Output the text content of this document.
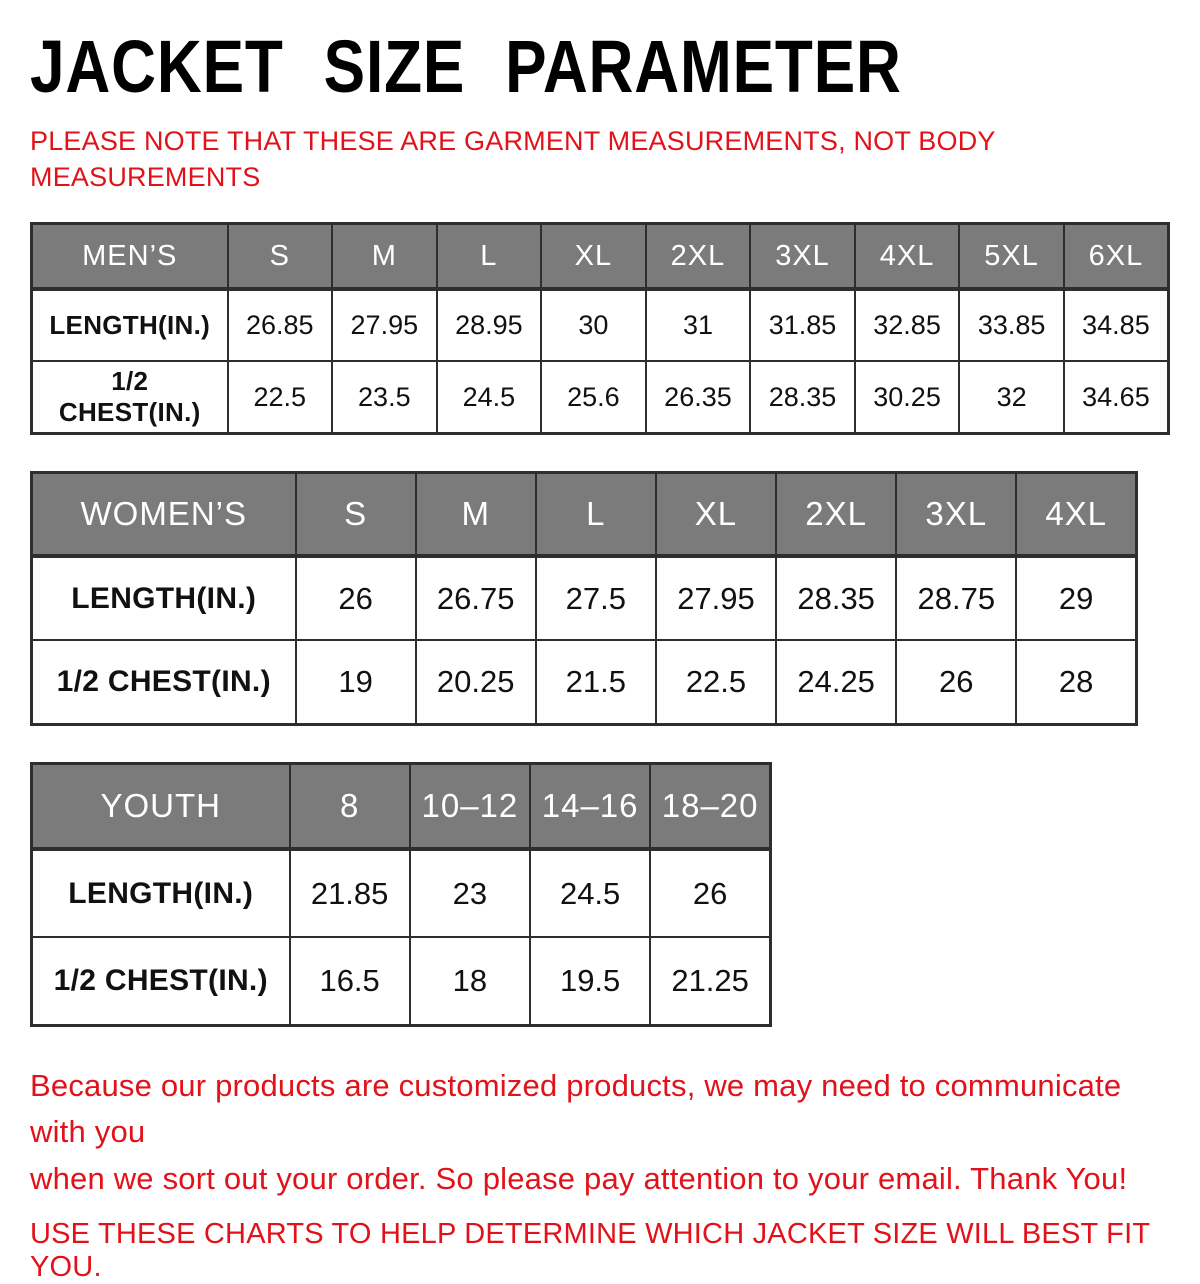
JACKET SIZE PARAMETER

PLEASE NOTE THAT THESE ARE GARMENT MEASUREMENTS, NOT BODY
MEASUREMENTS

MEN’S	S	M	L	XL	2XL	3XL	4XL	5XL	6XL
LENGTH(IN.)	26.85	27.95	28.95	30	31	31.85	32.85	33.85	34.85
1/2 CHEST(IN.)	22.5	23.5	24.5	25.6	26.35	28.35	30.25	32	34.65
WOMEN’S	S	M	L	XL	2XL	3XL	4XL
LENGTH(IN.)	26	26.75	27.5	27.95	28.35	28.75	29
1/2 CHEST(IN.)	19	20.25	21.5	22.5	24.25	26	28
YOUTH	8	10–12	14–16	18–20
LENGTH(IN.)	21.85	23	24.5	26
1/2 CHEST(IN.)	16.5	18	19.5	21.25

Because our products are customized products, we may need to communicate with you
when we sort out your order. So please pay attention to your email. Thank You!

USE THESE CHARTS TO HELP DETERMINE WHICH JACKET SIZE WILL BEST FIT YOU.
